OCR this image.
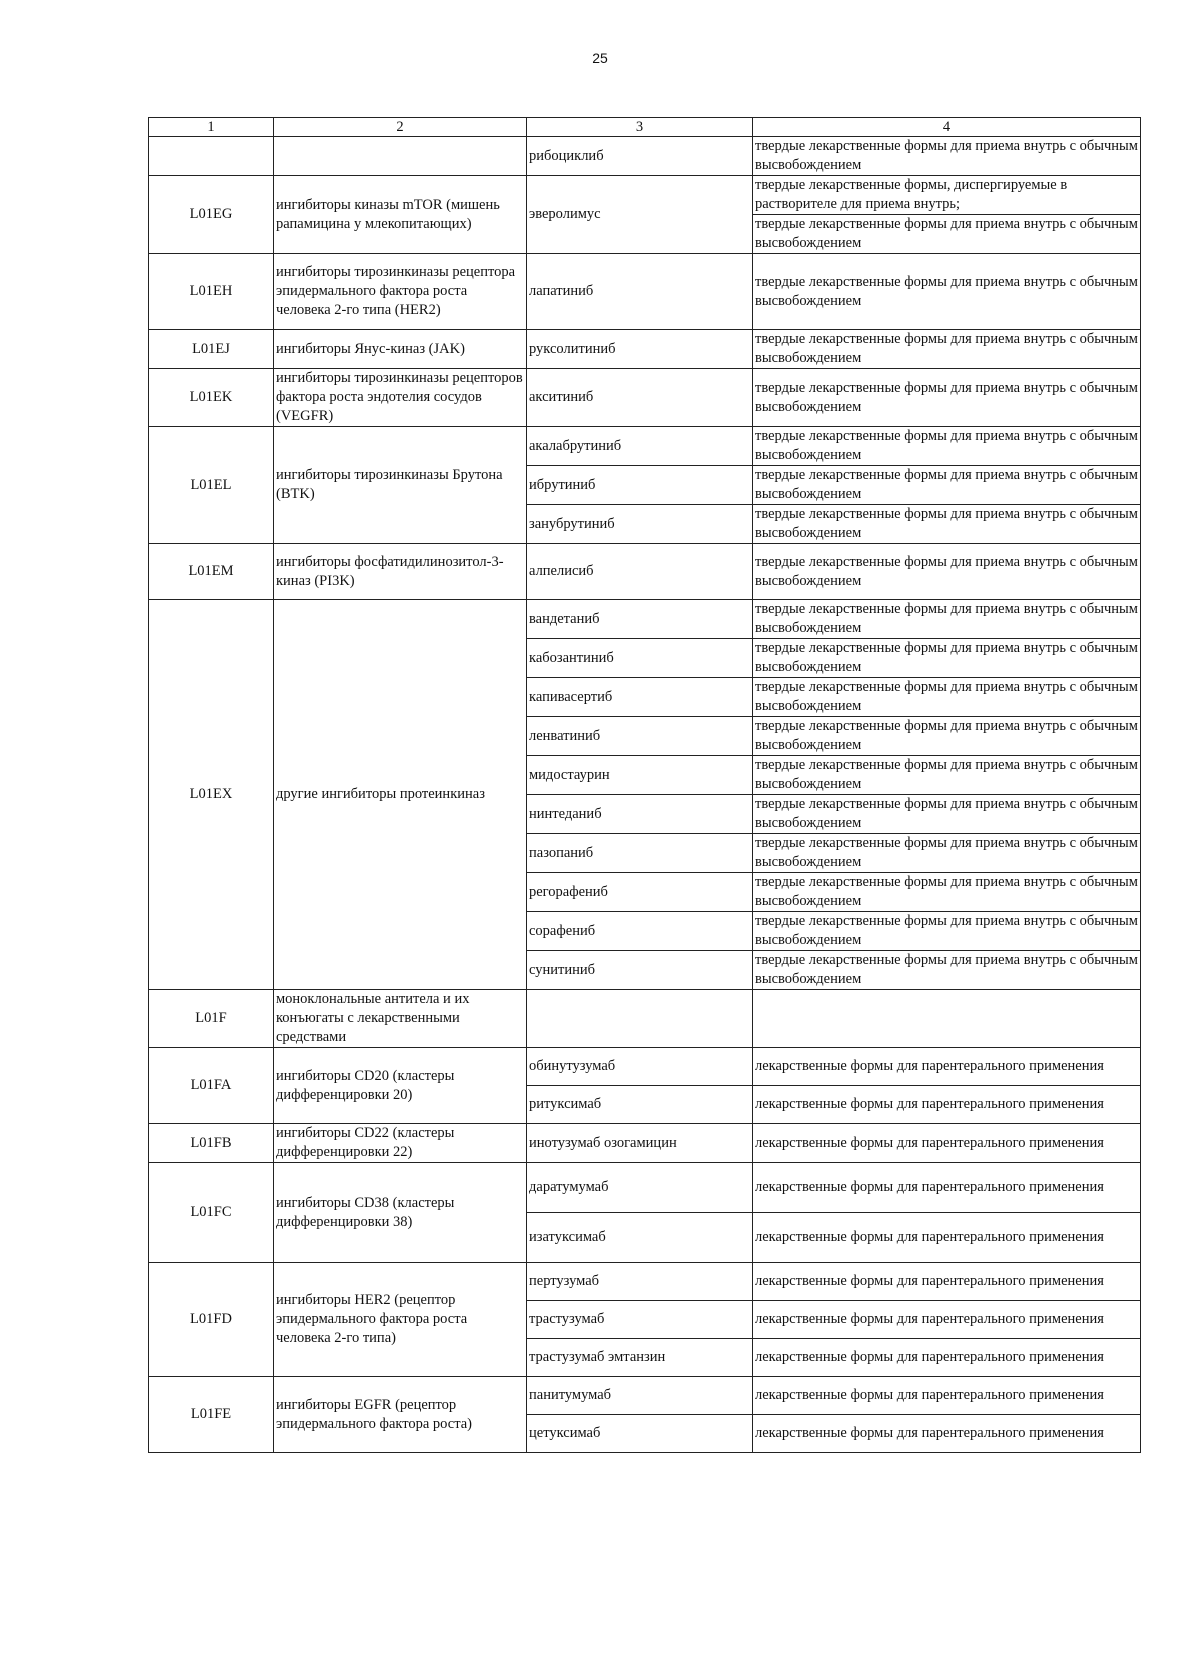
25
1	2	3	4
		рибоциклиб	твердые лекарственные формы для приема внутрь с обычным высвобождением
L01EG	ингибиторы киназы mTOR (мишень рапамицина у млекопитающих)	эверолимус	твердые лекарственные формы, диспергируемые в растворителе для приема внутрь;
			твердые лекарственные формы для приема внутрь с обычным высвобождением
L01EH	ингибиторы тирозинкиназы рецептора эпидермального фактора роста человека 2-го типа (HER2)	лапатиниб	твердые лекарственные формы для приема внутрь с обычным высвобождением
L01EJ	ингибиторы Янус-киназ (JAK)	руксолитиниб	твердые лекарственные формы для приема внутрь с обычным высвобождением
L01EK	ингибиторы тирозинкиназы рецепторов фактора роста эндотелия сосудов (VEGFR)	акситиниб	твердые лекарственные формы для приема внутрь с обычным высвобождением
L01EL	ингибиторы тирозинкиназы Брутона (BTK)	акалабрутиниб	твердые лекарственные формы для приема внутрь с обычным высвобождением
		ибрутиниб	твердые лекарственные формы для приема внутрь с обычным высвобождением
		занубрутиниб	твердые лекарственные формы для приема внутрь с обычным высвобождением
L01EM	ингибиторы фосфатидилинозитол-3-киназ (PI3K)	алпелисиб	твердые лекарственные формы для приема внутрь с обычным высвобождением
L01EX	другие ингибиторы протеинкиназ	вандетаниб	твердые лекарственные формы для приема внутрь с обычным высвобождением
		кабозантиниб	твердые лекарственные формы для приема внутрь с обычным высвобождением
		капивасертиб	твердые лекарственные формы для приема внутрь с обычным высвобождением
		ленватиниб	твердые лекарственные формы для приема внутрь с обычным высвобождением
		мидостаурин	твердые лекарственные формы для приема внутрь с обычным высвобождением
		нинтеданиб	твердые лекарственные формы для приема внутрь с обычным высвобождением
		пазопаниб	твердые лекарственные формы для приема внутрь с обычным высвобождением
		регорафениб	твердые лекарственные формы для приема внутрь с обычным высвобождением
		сорафениб	твердые лекарственные формы для приема внутрь с обычным высвобождением
		сунитиниб	твердые лекарственные формы для приема внутрь с обычным высвобождением
L01F	моноклональные антитела и их конъюгаты с лекарственными средствами		
L01FA	ингибиторы CD20 (кластеры дифференцировки 20)	обинутузумаб	лекарственные формы для парентерального применения
		ритуксимаб	лекарственные формы для парентерального применения
L01FB	ингибиторы CD22 (кластеры дифференцировки 22)	инотузумаб озогамицин	лекарственные формы для парентерального применения
L01FC	ингибиторы CD38 (кластеры дифференцировки 38)	даратумумаб	лекарственные формы для парентерального применения
		изатуксимаб	лекарственные формы для парентерального применения
L01FD	ингибиторы HER2 (рецептор эпидермального фактора роста человека 2-го типа)	пертузумаб	лекарственные формы для парентерального применения
		трастузумаб	лекарственные формы для парентерального применения
		трастузумаб эмтанзин	лекарственные формы для парентерального применения
L01FE	ингибиторы EGFR (рецептор эпидермального фактора роста)	панитумумаб	лекарственные формы для парентерального применения
		цетуксимаб	лекарственные формы для парентерального применения
